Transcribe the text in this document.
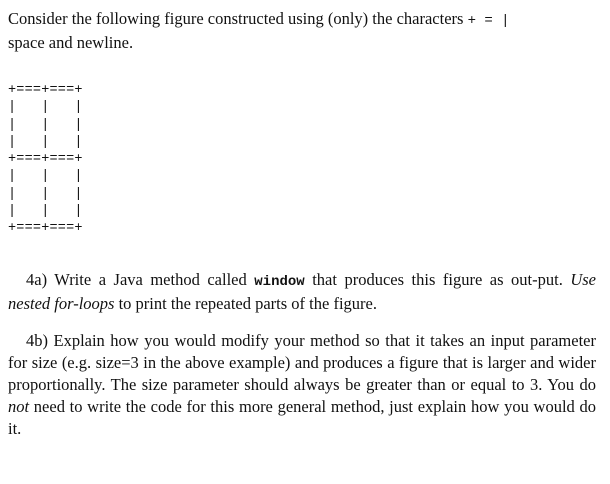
Consider the following figure constructed using (only) the characters + = |
space and newline.

+===+===+
|   |   |
|   |   |
|   |   |
+===+===+
|   |   |
|   |   |
|   |   |
+===+===+

4a) Write a Java method called window that produces this figure as out-put. Use nested for-loops to print the repeated parts of the figure.

4b) Explain how you would modify your method so that it takes an input parameter for size (e.g. size=3 in the above example) and produces a figure that is larger and wider proportionally. The size parameter should always be greater than or equal to 3. You do not need to write the code for this more general method, just explain how you would do it.
